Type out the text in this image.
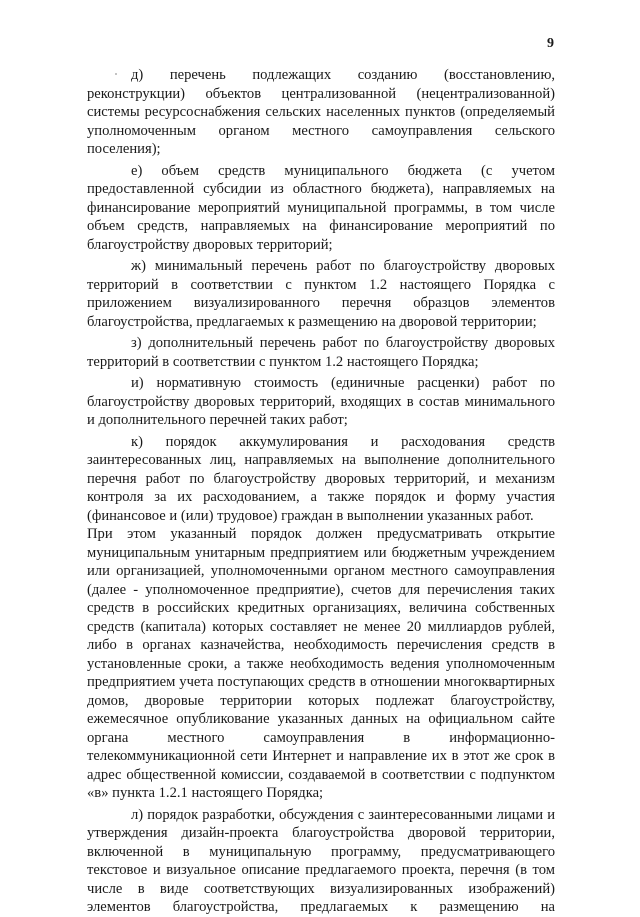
9

д) перечень подлежащих созданию (восстановлению, реконструкции) объектов централизованной (нецентрализованной) системы ресурсоснабжения сельских населенных пунктов (определяемый уполномоченным органом местного самоуправления сельского поселения);

е) объем средств муниципального бюджета (с учетом предоставленной субсидии из областного бюджета), направляемых на финансирование мероприятий муниципальной программы, в том числе объем средств, направляемых на финансирование мероприятий по благоустройству дворовых территорий;

ж) минимальный перечень работ по благоустройству дворовых территорий в соответствии с пунктом 1.2 настоящего Порядка с приложением визуализированного перечня образцов элементов благоустройства, предлагаемых к размещению на дворовой территории;

з) дополнительный перечень работ по благоустройству дворовых территорий в соответствии с пунктом 1.2 настоящего Порядка;

и) нормативную стоимость (единичные расценки) работ по благоустройству дворовых территорий, входящих в состав минимального и дополнительного перечней таких работ;

к) порядок аккумулирования и расходования средств заинтересованных лиц, направляемых на выполнение дополнительного перечня работ по благоустройству дворовых территорий, и механизм контроля за их расходованием, а также порядок и форму участия (финансовое и (или) трудовое) граждан в выполнении указанных работ.

При этом указанный порядок должен предусматривать открытие муниципальным унитарным предприятием или бюджетным учреждением или организацией, уполномоченными органом местного самоуправления (далее - уполномоченное предприятие), счетов для перечисления таких средств в российских кредитных организациях, величина собственных средств (капитала) которых составляет не менее 20 миллиардов рублей, либо в органах казначейства, необходимость перечисления средств в установленные сроки, а также необходимость ведения уполномоченным предприятием учета поступающих средств в отношении многоквартирных домов, дворовые территории которых подлежат благоустройству, ежемесячное опубликование указанных данных на официальном сайте органа местного самоуправления в информационно-телекоммуникационной сети Интернет и направление их в этот же срок в адрес общественной комиссии, создаваемой в соответствии с подпунктом «в» пункта 1.2.1 настоящего Порядка;

л) порядок разработки, обсуждения с заинтересованными лицами и утверждения дизайн-проекта благоустройства дворовой территории, включенной в муниципальную программу, предусматривающего текстовое и визуальное описание предлагаемого проекта, перечня (в том числе в виде соответствующих визуализированных изображений) элементов благоустройства, предлагаемых к размещению на
